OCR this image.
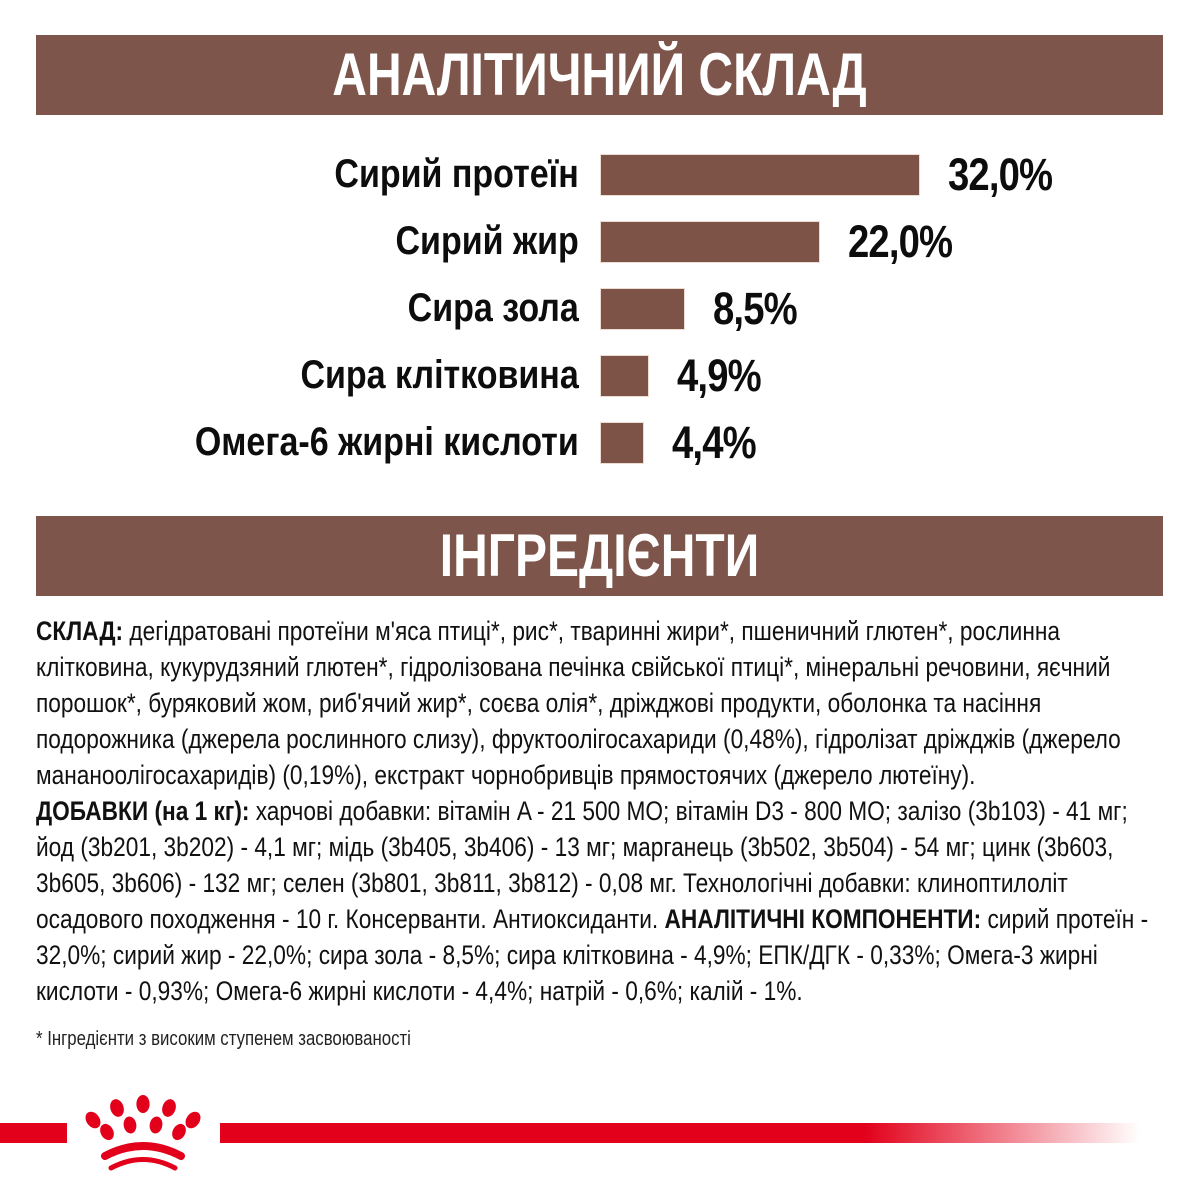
АНАЛІТИЧНИЙ СКЛАД
Сирий протеїн	32,0%
Сирий жир	22,0%
Сира зола	8,5%
Сира клітковина	4,9%
Омега-6 жирні кислоти	4,4%
ІНГРЕДІЄНТИ

СКЛАД: дегідратовані протеїни м'яса птиці*, рис*, тваринні жири*, пшеничний глютен*, рослинна клітковина, кукурудзяний глютен*, гідролізована печінка свійської птиці*, мінеральні речовини, яєчний порошок*, буряковий жом, риб'ячий жир*, соєва олія*, дріжджові продукти, оболонка та насіння подорожника (джерела рослинного слизу), фруктоолігосахариди (0,48%), гідролізат дріжджів (джерело мананоолігосахаридів) (0,19%), екстракт чорнобривців прямостоячих (джерело лютеїну).

ДОБАВКИ (на 1 кг): харчові добавки: вітамін A - 21 500 МО; вітамін D3 - 800 МО; залізо (3b103) - 41 мг; йод (3b201, 3b202) - 4,1 мг; мідь (3b405, 3b406) - 13 мг; марганець (3b502, 3b504) - 54 мг; цинк (3b603, 3b605, 3b606) - 132 мг; селен (3b801, 3b811, 3b812) - 0,08 мг. Технологічні добавки: клиноптилоліт осадового походження - 10 г. Консерванти. Антиоксиданти. АНАЛІТИЧНІ КОМПОНЕНТИ: сирий протеїн - 32,0%; сирий жир - 22,0%; сира зола - 8,5%; сира клітковина - 4,9%; ЕПК/ДГК - 0,33%; Омега-3 жирні кислоти - 0,93%; Омега-6 жирні кислоти - 4,4%; натрій - 0,6%; калій - 1%.

* Інгредієнти з високим ступенем засвоюваності
